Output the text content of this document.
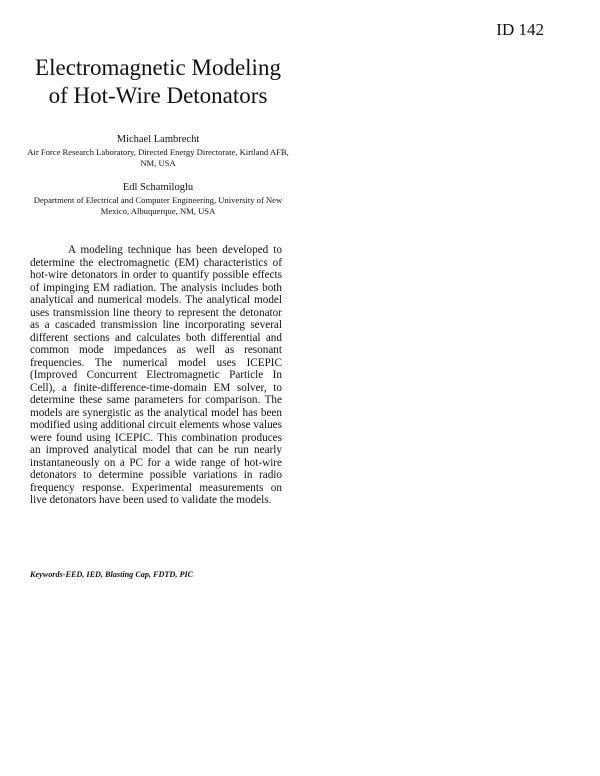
ID 142
Electromagnetic Modeling of Hot-Wire Detonators
Michael Lambrecht
Air Force Research Laboratory, Directed Energy Directorate, Kirtland AFB, NM, USA
Edl Schamiloglu
Department of Electrical and Computer Engineering, University of New Mexico, Albuquerque, NM, USA

A modeling technique has been developed to determine the electromagnetic (EM) characteristics of hot-wire detonators in order to quantify possible effects of impinging EM radiation. The analysis includes both analytical and numerical models. The analytical model uses transmission line theory to represent the detonator as a cascaded transmission line incorporating several different sections and calculates both differential and common mode impedances as well as resonant frequencies. The numerical model uses ICEPIC (Improved Concurrent Electromagnetic Particle In Cell), a finite-difference-time-domain EM solver, to determine these same parameters for comparison. The models are synergistic as the analytical model has been modified using additional circuit elements whose values were found using ICEPIC. This combination produces an improved analytical model that can be run nearly instantaneously on a PC for a wide range of hot-wire detonators to determine possible variations in radio frequency response. Experimental measurements on live detonators have been used to validate the models.

Keywords-EED, IED, Blasting Cap, FDTD, PIC
